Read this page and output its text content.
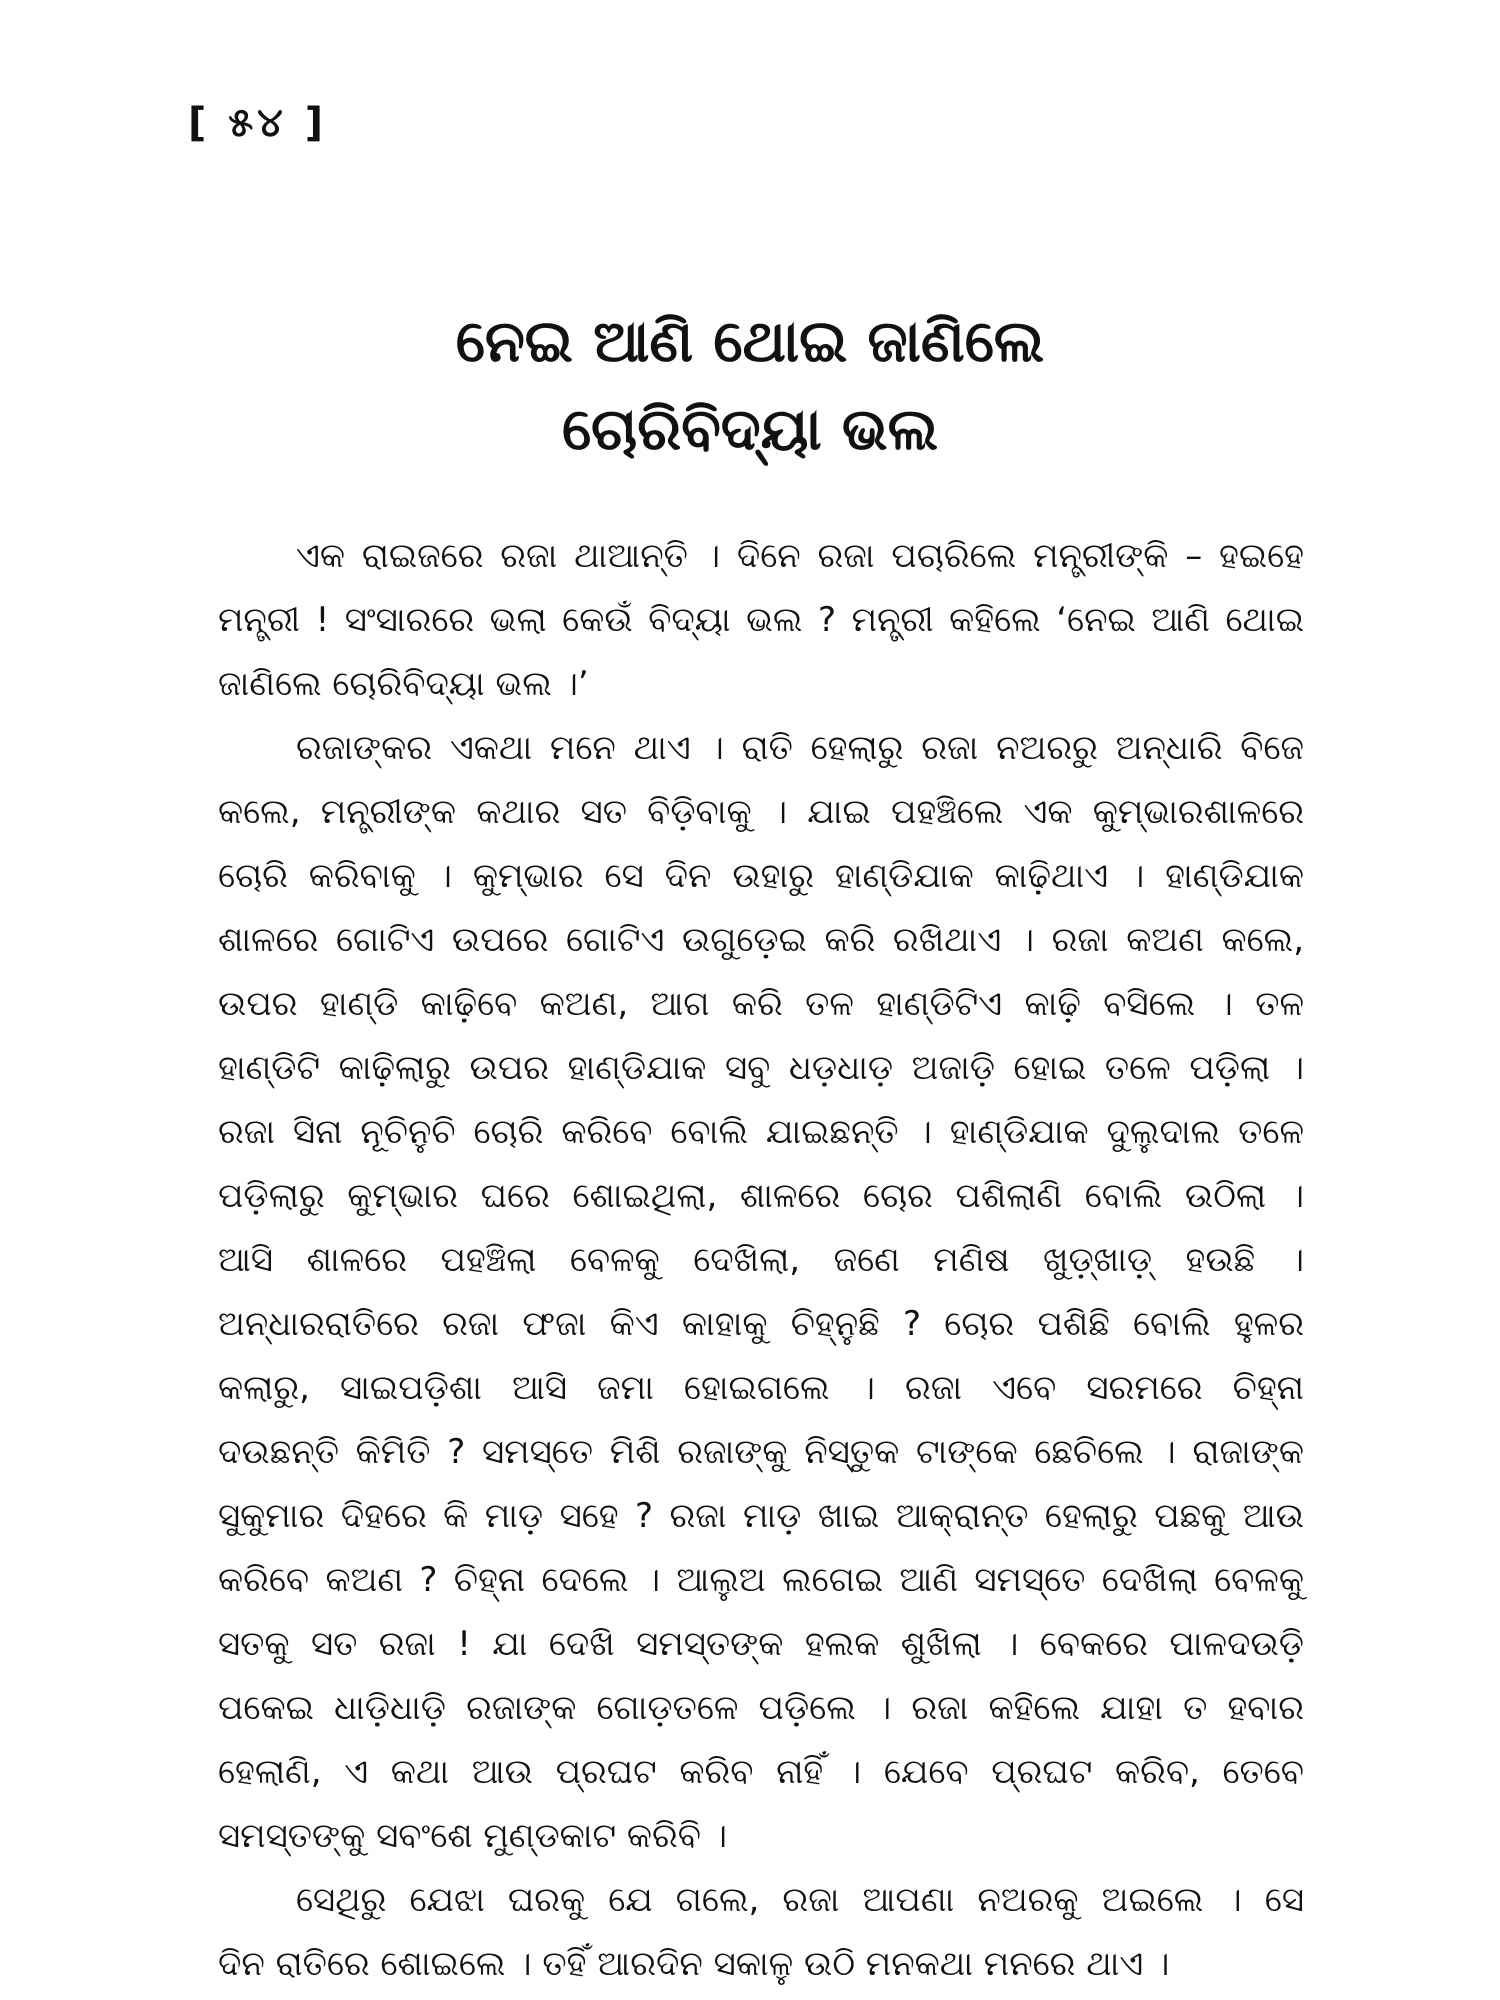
[ ୫୪ ]
ନେଇ ଆଣି ଥୋଇ ଜାଣିଲେ
ଚୋରିବିଦ୍ୟା ଭଲ
ଏକ ରାଇଜରେ ରଜା ଥାଆନ୍ତି । ଦିନେ ରଜା ପଚାରିଲେ ମନ୍ତ୍ରୀଙ୍କି – ହଇହେ
ମନ୍ତ୍ରୀ ! ସଂସାରରେ ଭଲା କେଉଁ ବିଦ୍ୟା ଭଲ ? ମନ୍ତ୍ରୀ କହିଲେ ‘ନେଇ ଆଣି ଥୋଇ
ଜାଣିଲେ ଚୋରିବିଦ୍ୟା ଭଲ ।’
ରଜାଙ୍କର ଏକଥା ମନେ ଥାଏ । ରାତି ହେଲାରୁ ରଜା ନଅରରୁ ଅନ୍ଧାରି ବିଜେ
କଲେ, ମନ୍ତ୍ରୀଙ୍କ କଥାର ସତ ବିଡ଼ିବାକୁ । ଯାଇ ପହଞ୍ଚିଲେ ଏକ କୁମ୍ଭାରଶାଳରେ
ଚୋରି କରିବାକୁ । କୁମ୍ଭାର ସେ ଦିନ ଉହାରୁ ହାଣ୍ଡିଯାକ କାଢ଼ିଥାଏ । ହାଣ୍ଡିଯାକ
ଶାଳରେ ଗୋଟିଏ ଉପରେ ଗୋଟିଏ ଉଗୁଡ଼େଇ କରି ରଖିଥାଏ । ରଜା କଅଣ କଲେ,
ଉପର ହାଣ୍ଡି କାଢ଼ିବେ କଅଣ, ଆଗ କରି ତଳ ହାଣ୍ଡିଟିଏ କାଢ଼ି ବସିଲେ । ତଳ
ହାଣ୍ଡିଟି କାଢ଼ିଲାରୁ ଉପର ହାଣ୍ଡିଯାକ ସବୁ ଧଡ଼ଧାଡ଼ ଅଜାଡ଼ି ହୋଇ ତଳେ ପଡ଼ିଲା ।
ରଜା ସିନା ନୂଚିନୁଚି ଚୋରି କରିବେ ବୋଲି ଯାଇଛନ୍ତି । ହାଣ୍ଡିଯାକ ଦୁଲୁଦାଲ ତଳେ
ପଡ଼ିଲାରୁ କୁମ୍ଭାର ଘରେ ଶୋଇଥିଲା, ଶାଳରେ ଚୋର ପଶିଲାଣି ବୋଲି ଉଠିଲା ।
ଆସି ଶାଳରେ ପହଞ୍ଚିଲା ବେଳକୁ ଦେଖିଲା, ଜଣେ ମଣିଷ ଖୁଡ଼୍‌ଖାଡ଼୍ ହଉଛି ।
ଅନ୍ଧାରରାତିରେ ରଜା ଫଜା କିଏ କାହାକୁ ଚିହ୍ନୁଛି ? ଚୋର ପଶିଛି ବୋଲି ହୁଳର
କଲାରୁ, ସାଇପଡ଼ିଶା ଆସି ଜମା ହୋଇଗଲେ । ରଜା ଏବେ ସରମରେ ଚିହ୍ନା
ଦଉଛନ୍ତି କିମିତି ? ସମସ୍ତେ ମିଶି ରଜାଙ୍କୁ ନିସ୍ତୁକ ଟାଙ୍କେ ଛେଚିଲେ । ରାଜାଙ୍କ
ସୁକୁମାର ଦିହରେ କି ମାଡ଼ ସହେ ? ରଜା ମାଡ଼ ଖାଇ ଆକ୍ରାନ୍ତ ହେଲାରୁ ପଛକୁ ଆଉ
କରିବେ କଅଣ ? ଚିହ୍ନା ଦେଲେ । ଆଲୁଅ ଲଗେଇ ଆଣି ସମସ୍ତେ ଦେଖିଲା ବେଳକୁ
ସତକୁ ସତ ରଜା ! ଯା ଦେଖି ସମସ୍ତଙ୍କ ହଲକ ଶୁଖିଲା । ବେକରେ ପାଳଦଉଡ଼ି
ପକେଇ ଧାଡ଼ିଧାଡ଼ି ରଜାଙ୍କ ଗୋଡ଼ତଳେ ପଡ଼ିଲେ । ରଜା କହିଲେ ଯାହା ତ ହବାର
ହେଲାଣି, ଏ କଥା ଆଉ ପ୍ରଘଟ କରିବ ନାହିଁ । ଯେବେ ପ୍ରଘଟ କରିବ, ତେବେ
ସମସ୍ତଙ୍କୁ ସବଂଶେ ମୁଣ୍ଡକାଟ କରିବି ।
ସେଥିରୁ ଯେଝା ଘରକୁ ଯେ ଗଲେ, ରଜା ଆପଣା ନଅରକୁ ଅଇଲେ । ସେ
ଦିନ ରାତିରେ ଶୋଇଲେ । ତହିଁ ଆରଦିନ ସକାଳୁ ଉଠି ମନକଥା ମନରେ ଥାଏ ।
